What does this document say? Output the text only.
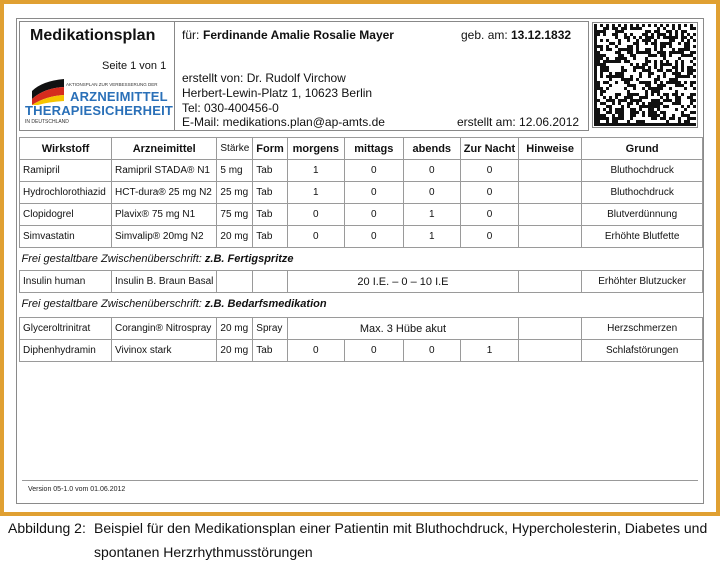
Medikationsplan
Seite 1 von 1
AKTIONSPLAN ZUR VERBESSERUNG DER
ARZNEIMITTEL
THERAPIESICHERHEIT
IN DEUTSCHLAND
für: Ferdinande Amalie Rosalie Mayer	geb. am: 13.12.1832
erstellt von: Dr. Rudolf Virchow
Herbert-Lewin-Platz 1, 10623 Berlin
Tel: 030-400456-0
E-Mail: medikations.plan@ap-amts.de	erstellt am: 12.06.2012
Wirkstoff	Arzneimittel	Stärke	Form	morgens	mittags	abends	Zur Nacht	Hinweise	Grund
Ramipril	Ramipril STADA® N1	5 mg	Tab	1	0	0	0		Bluthochdruck
Hydrochlorothiazid	HCT-dura® 25 mg N2	25 mg	Tab	1	0	0	0		Bluthochdruck
Clopidogrel	Plavix® 75 mg N1	75 mg	Tab	0	0	1	0		Blutverdünnung
Simvastatin	Simvalip® 20mg N2	20 mg	Tab	0	0	1	0		Erhöhte Blutfette
Frei gestaltbare Zwischenüberschrift: z.B. Fertigspritze									
Insulin human	Insulin B. Braun Basal			20 I.E. – 0 – 10 I.E					Erhöhter Blutzucker
Frei gestaltbare Zwischenüberschrift: z.B. Bedarfsmedikation									

Glyceroltrinitrat	Corangin® Nitrospray	20 mg	Spray	Max. 3 Hübe akut					Herzschmerzen
Diphenhydramin	Vivinox stark	20 mg	Tab	0	0	0	1		Schlafstörungen
Version 05-1.0 vom 01.06.2012
Abbildung 2: Beispiel für den Medikationsplan einer Patientin mit Bluthochdruck, Hypercholesterin, Diabetes und
spontanen Herzrhythmusstörungen
